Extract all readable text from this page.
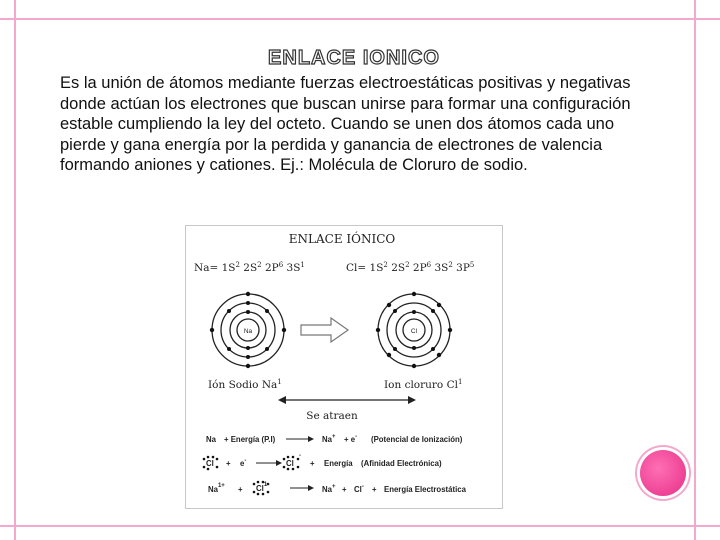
ENLACE IONICO

Es la unión de átomos mediante fuerzas electroestáticas positivas y negativas donde actúan los electrones que buscan unirse para formar una configuración estable cumpliendo la ley del octeto. Cuando se unen dos átomos cada uno pierde y gana energía por la perdida y ganancia de electrones de valencia formando aniones y cationes. Ej.: Molécula de Cloruro de sodio.

ENLACE IÓNICO
$Na= 1S^2$ $2S^2$ $2P^6$ $3S^1$	$Cl= 1S^2$ $2S^2$ $2P^6$ $3S^2$ $3P^5$
Na	Cl
Ión Sodio Na$^1$	Ion cloruro Cl$^1$
Se atraen
Na + Energía (P.I)	Na+ + e- (Potencial de Ionización)
Cl + e-	Cl
-
+ Energía (Afinidad Electrónica)
$Na^{1+} + Cl^{1-}$	Na+ + Cl- + Energía Electrostática
